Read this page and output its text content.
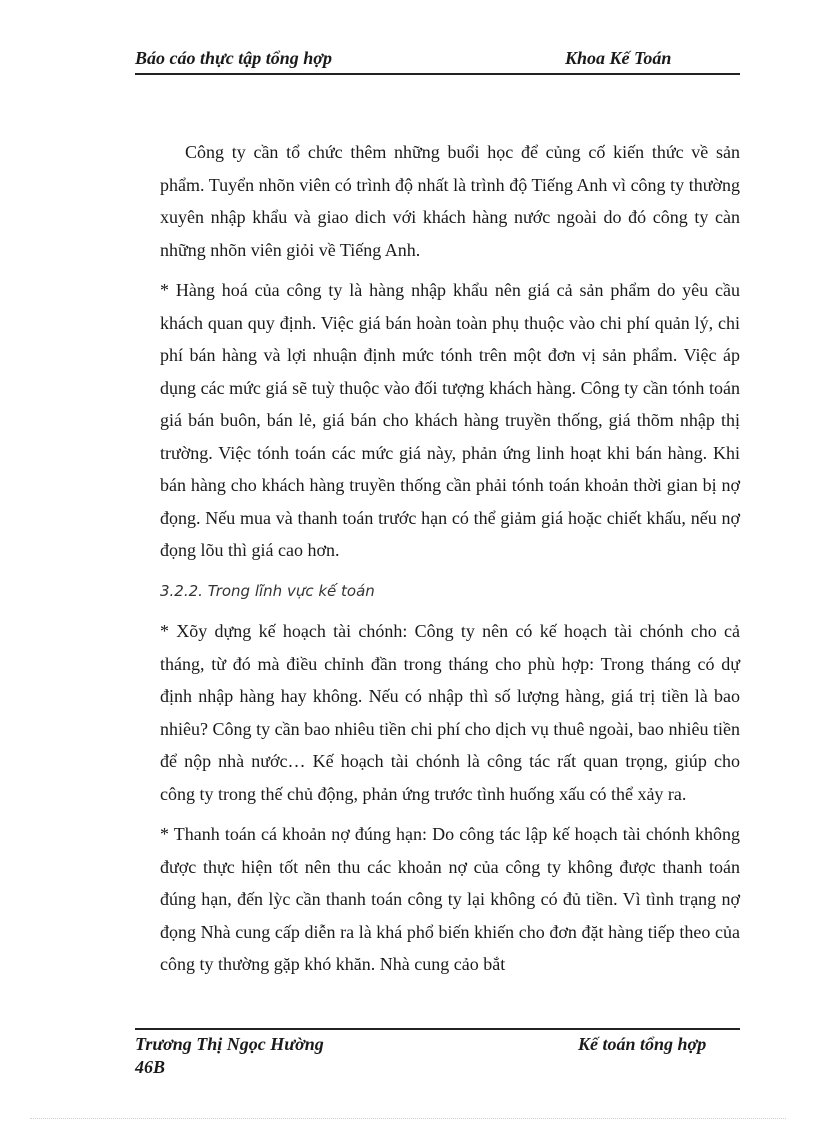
Báo cáo thực tập tổng hợp	Khoa Kế Toán

Công ty cần tổ chức thêm những buổi học để củng cố kiến thức về sản phẩm. Tuyển nhõn viên có trình độ nhất là trình độ Tiếng Anh vì công ty thường xuyên nhập khẩu và giao dich với khách hàng nước ngoài do đó công ty càn những nhõn viên giỏi về Tiếng Anh.

* Hàng hoá của công ty là hàng nhập khẩu nên giá cả sản phẩm do yêu cầu khách quan quy định. Việc giá bán hoàn toàn phụ thuộc vào chi phí quản lý, chi phí bán hàng và lợi nhuận định mức tónh trên một đơn vị sản phẩm. Việc áp dụng các mức giá sẽ tuỳ thuộc vào đối tượng khách hàng. Công ty cần tónh toán giá bán buôn, bán lẻ, giá bán cho khách hàng truyền thống, giá thõm nhập thị trường. Việc tónh toán các mức giá này, phản ứng linh hoạt khi bán hàng. Khi bán hàng cho khách hàng truyền thống cần phải tónh toán khoản thời gian bị nợ đọng. Nếu mua và thanh toán trước hạn có thể giảm giá hoặc chiết khấu, nếu nợ đọng lõu thì giá cao hơn.

3.2.2. Trong lĩnh vực kế toán

* Xõy dựng kế hoạch tài chónh: Công ty nên có kế hoạch tài chónh cho cả tháng, từ đó mà điều chỉnh đần trong tháng cho phù hợp: Trong tháng có dự định nhập hàng hay không. Nếu có nhập thì số lượng hàng, giá trị tiền là bao nhiêu? Công ty cần bao nhiêu tiền chi phí cho dịch vụ thuê ngoài, bao nhiêu tiền để nộp nhà nước… Kế hoạch tài chónh là công tác rất quan trọng, giúp cho công ty trong thế chủ động, phản ứng trước tình huống xấu có thể xảy ra.

* Thanh toán cá khoản nợ đúng hạn: Do công tác lập kế hoạch tài chónh không được thực hiện tốt nên thu các khoản nợ của công ty không được thanh toán đúng hạn, đến lỳc cần thanh toán công ty lại không có đủ tiền. Vì tình trạng nợ đọng Nhà cung cấp diễn ra là khá phổ biến khiến cho đơn đặt hàng tiếp theo của công ty thường gặp khó khăn. Nhà cung cảo bắt

Trương Thị Ngọc Hường	Kế toán tổng hợp
46B
